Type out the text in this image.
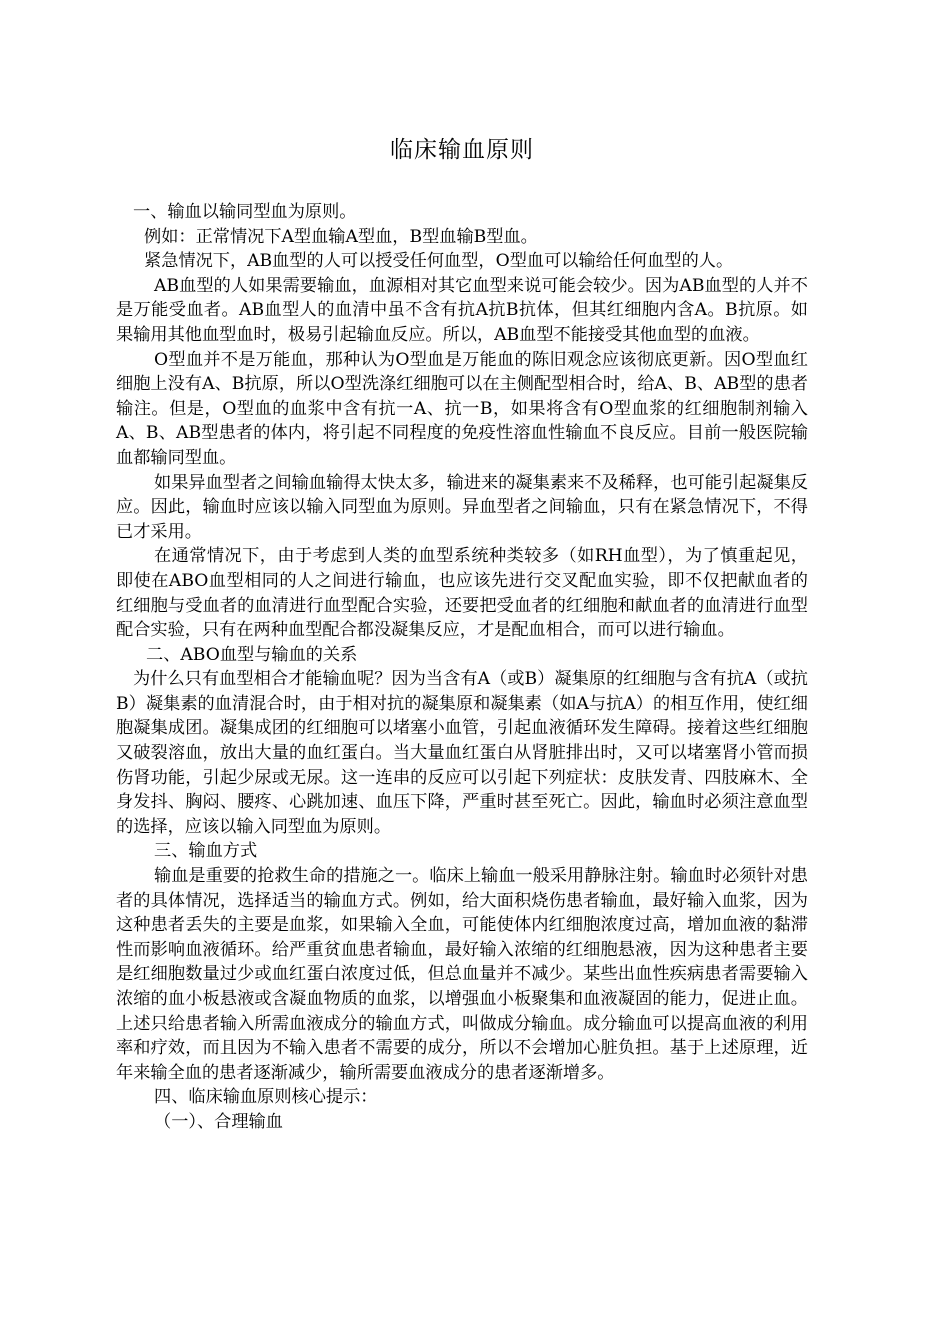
临床输血原则

一、输血以输同型血为原则。

例如：正常情况下A型血输A型血，B型血输B型血。

紧急情况下，AB血型的人可以授受任何血型，O型血可以输给任何血型的人。

AB血型的人如果需要输血，血源相对其它血型来说可能会较少。因为AB血型的人并不是万能受血者。AB血型人的血清中虽不含有抗A抗B抗体，但其红细胞内含A。B抗原。如果输用其他血型血时，极易引起输血反应。所以，AB血型不能接受其他血型的血液。

O型血并不是万能血，那种认为O型血是万能血的陈旧观念应该彻底更新。因O型血红细胞上没有A、B抗原，所以O型洗涤红细胞可以在主侧配型相合时，给A、B、AB型的患者输注。但是，O型血的血浆中含有抗一A、抗一B，如果将含有O型血浆的红细胞制剂输入A、B、AB型患者的体内，将引起不同程度的免疫性溶血性输血不良反应。目前一般医院输血都输同型血。

如果异血型者之间输血输得太快太多，输进来的凝集素来不及稀释，也可能引起凝集反应。因此，输血时应该以输入同型血为原则。异血型者之间输血，只有在紧急情况下，不得已才采用。

在通常情况下，由于考虑到人类的血型系统种类较多（如RH血型），为了慎重起见，即使在ABO血型相同的人之间进行输血，也应该先进行交叉配血实验，即不仅把献血者的红细胞与受血者的血清进行血型配合实验，还要把受血者的红细胞和献血者的血清进行血型配合实验，只有在两种血型配合都没凝集反应，才是配血相合，而可以进行输血。

二、ABO血型与输血的关系

为什么只有血型相合才能输血呢？因为当含有A（或B）凝集原的红细胞与含有抗A（或抗B）凝集素的血清混合时，由于相对抗的凝集原和凝集素（如A与抗A）的相互作用，使红细胞凝集成团。凝集成团的红细胞可以堵塞小血管，引起血液循环发生障碍。接着这些红细胞又破裂溶血，放出大量的血红蛋白。当大量血红蛋白从肾脏排出时，又可以堵塞肾小管而损伤肾功能，引起少尿或无尿。这一连串的反应可以引起下列症状：皮肤发青、四肢麻木、全身发抖、胸闷、腰疼、心跳加速、血压下降，严重时甚至死亡。因此，输血时必须注意血型的选择，应该以输入同型血为原则。

三、输血方式

输血是重要的抢救生命的措施之一。临床上输血一般采用静脉注射。输血时必须针对患者的具体情况，选择适当的输血方式。例如，给大面积烧伤患者输血，最好输入血浆，因为这种患者丢失的主要是血浆，如果输入全血，可能使体内红细胞浓度过高，增加血液的黏滞性而影响血液循环。给严重贫血患者输血，最好输入浓缩的红细胞悬液，因为这种患者主要是红细胞数量过少或血红蛋白浓度过低，但总血量并不减少。某些出血性疾病患者需要输入浓缩的血小板悬液或含凝血物质的血浆，以增强血小板聚集和血液凝固的能力，促进止血。上述只给患者输入所需血液成分的输血方式，叫做成分输血。成分输血可以提高血液的利用率和疗效，而且因为不输入患者不需要的成分，所以不会增加心脏负担。基于上述原理，近年来输全血的患者逐渐减少，输所需要血液成分的患者逐渐增多。

四、临床输血原则核心提示：

（一）、合理输血
